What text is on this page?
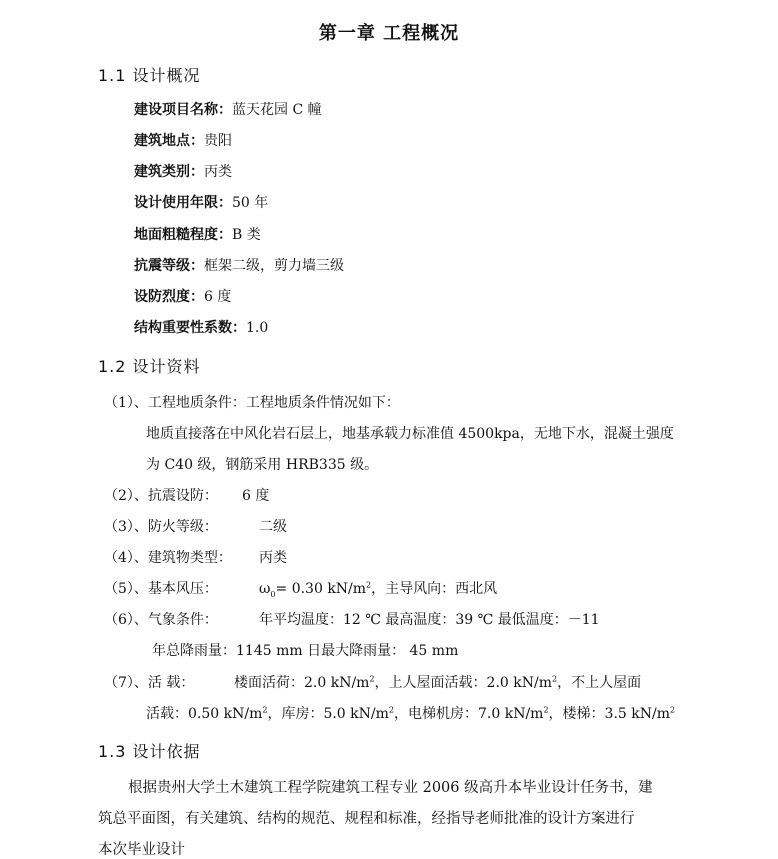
第一章 工程概况
1.1 设计概况
建设项目名称：蓝天花园 C 幢
建筑地点：贵阳
建筑类别：丙类
设计使用年限：50 年
地面粗糙程度：B 类
抗震等级：框架二级，剪力墙三级
设防烈度：6 度
结构重要性系数：1.0
1.2 设计资料
（1）、工程地质条件：工程地质条件情况如下：
地质直接落在中风化岩石层上，地基承载力标准值 4500kpa，无地下水，混凝土强度
为 C40 级，钢筋采用 HRB335 级。
（2）、抗震设防： 6 度
（3）、防火等级：	二级
（4）、建筑物类型： 丙类
（5）、基本风压：	$\omega_0= 0.30$ $kN/m^2$，主导风向：西北风
（6）、气象条件：	年平均温度：12 ℃ 最高温度：39 ℃ 最低温度：－11
年总降雨量：1145 mm 日最大降雨量： 45 mm
（7）、活 载：	楼面活荷：2.0 $kN/m^2$，上人屋面活载：2.0 $kN/m^2$，不上人屋面
活载：0.50 $kN/m^2$，库房：5.0 $kN/m^2$，电梯机房：7.0 $kN/m^2$，楼梯：3.5 $kN/m^2$
1.3 设计依据
根据贵州大学土木建筑工程学院建筑工程专业 2006 级高升本毕业设计任务书，建
筑总平面图，有关建筑、结构的规范、规程和标准，经指导老师批准的设计方案进行
本次毕业设计
